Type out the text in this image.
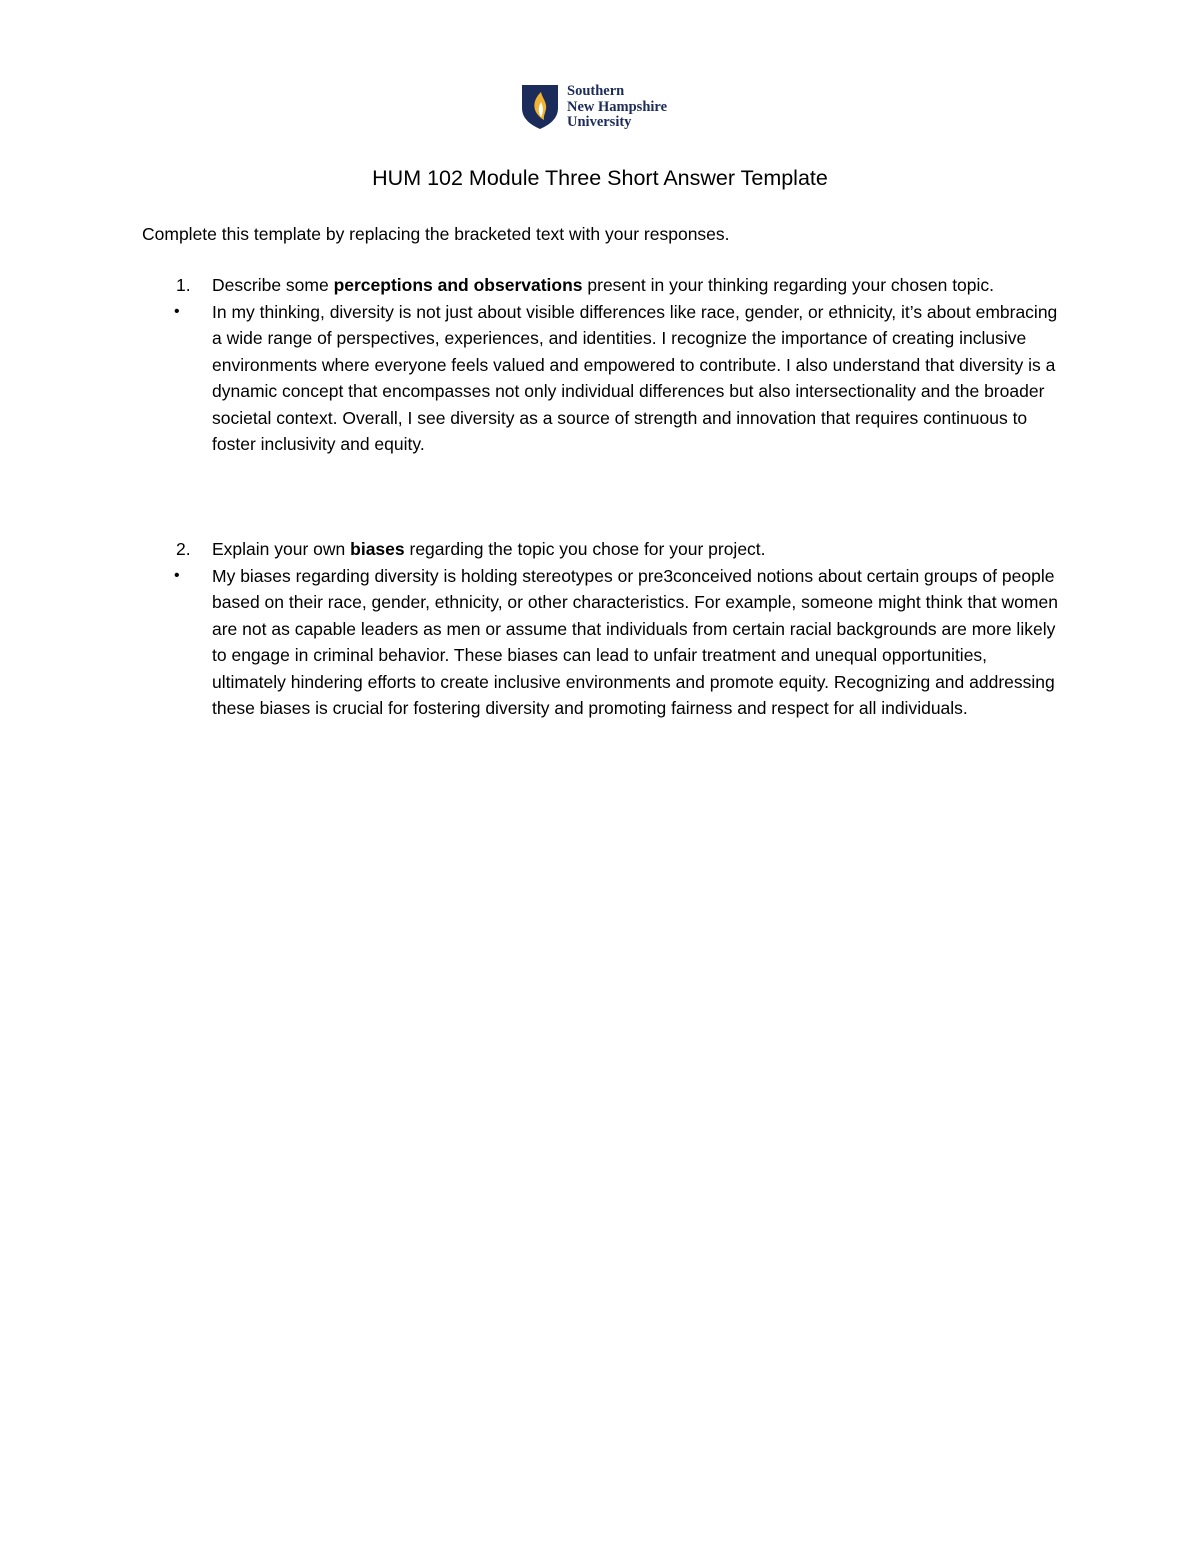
Southern
New Hampshire
University
HUM 102 Module Three Short Answer Template

Complete this template by replacing the bracketed text with your responses.

1. Describe some perceptions and observations present in your thinking regarding your chosen topic.
• In my thinking, diversity is not just about visible differences like race, gender, or ethnicity, it’s about embracing a wide range of perspectives, experiences, and identities. I recognize the importance of creating inclusive environments where everyone feels valued and empowered to contribute. I also understand that diversity is a dynamic concept that encompasses not only individual differences but also intersectionality and the broader societal context. Overall, I see diversity as a source of strength and innovation that requires continuous to foster inclusivity and equity.
2. Explain your own biases regarding the topic you chose for your project.
• My biases regarding diversity is holding stereotypes or pre3conceived notions about certain groups of people based on their race, gender, ethnicity, or other characteristics. For example, someone might think that women are not as capable leaders as men or assume that individuals from certain racial backgrounds are more likely to engage in criminal behavior. These biases can lead to unfair treatment and unequal opportunities, ultimately hindering efforts to create inclusive environments and promote equity. Recognizing and addressing these biases is crucial for fostering diversity and promoting fairness and respect for all individuals.
